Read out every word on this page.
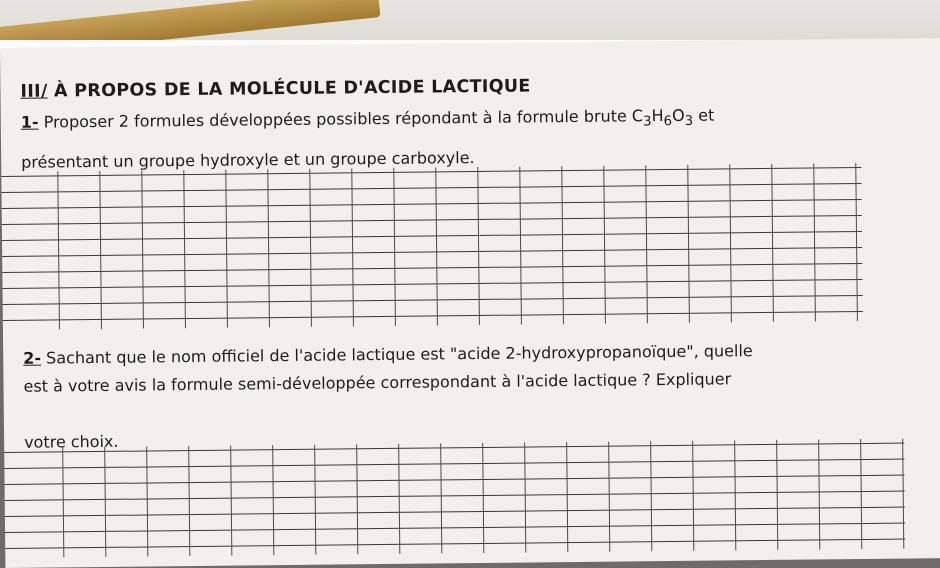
III/ À PROPOS DE LA MOLÉCULE D'ACIDE LACTIQUE

1- Proposer 2 formules développées possibles répondant à la formule brute $C_3H_6O_3$ et

présentant un groupe hydroxyle et un groupe carboxyle.

2- Sachant que le nom officiel de l'acide lactique est "acide 2-hydroxypropanoïque", quelle

est à votre avis la formule semi-développée correspondant à l'acide lactique ? Expliquer

votre choix.
